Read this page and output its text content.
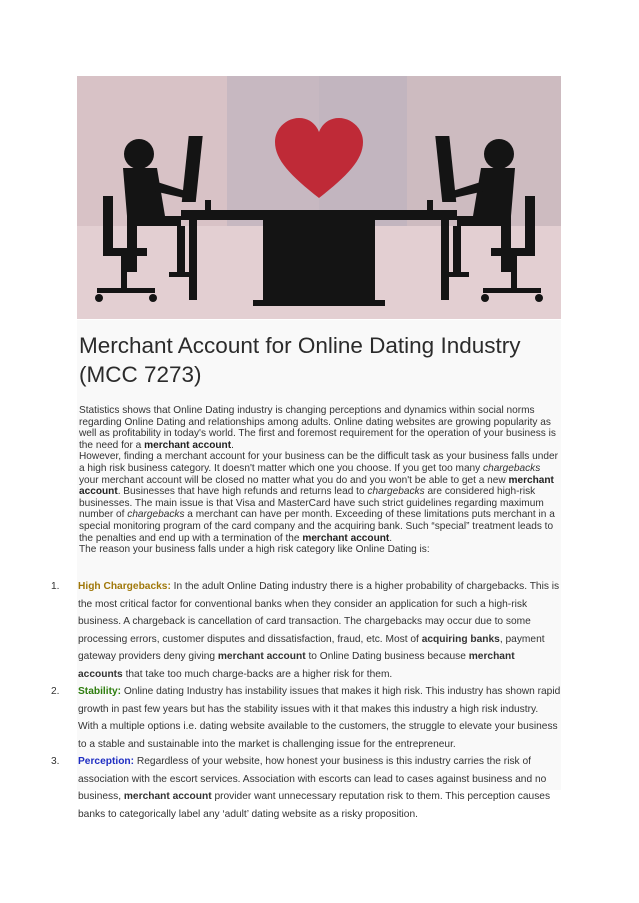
Merchant Account for Online Dating Industry (MCC 7273)

Statistics shows that Online Dating industry is changing perceptions and dynamics within social norms regarding Online Dating and relationships among adults. Online dating websites are growing popularity as well as profitability in today's world. The first and foremost requirement for the operation of your business is the need for a merchant account.

However, finding a merchant account for your business can be the difficult task as your business falls under a high risk business category. It doesn't matter which one you choose. If you get too many chargebacks your merchant account will be closed no matter what you do and you won't be able to get a new merchant account. Businesses that have high refunds and returns lead to chargebacks are considered high-risk businesses. The main issue is that Visa and MasterCard have such strict guidelines regarding maximum number of chargebacks a merchant can have per month. Exceeding of these limitations puts merchant in a special monitoring program of the card company and the acquiring bank. Such “special” treatment leads to the penalties and end up with a termination of the merchant account.

The reason your business falls under a high risk category like Online Dating is:

1. High Chargebacks: In the adult Online Dating industry there is a higher probability of chargebacks. This is the most critical factor for conventional banks when they consider an application for such a high-risk business. A chargeback is cancellation of card transaction. The chargebacks may occur due to some processing errors, customer disputes and dissatisfaction, fraud, etc. Most of acquiring banks, payment gateway providers deny giving merchant account to Online Dating business because merchant accounts that take too much charge-backs are a higher risk for them.
2. Stability: Online dating Industry has instability issues that makes it high risk. This industry has shown rapid growth in past few years but has the stability issues with it that makes this industry a high risk industry. With a multiple options i.e. dating website available to the customers, the struggle to elevate your business to a stable and sustainable into the market is challenging issue for the entrepreneur.
3. Perception: Regardless of your website, how honest your business is this industry carries the risk of association with the escort services. Association with escorts can lead to cases against business and no business, merchant account provider want unnecessary reputation risk to them. This perception causes banks to categorically label any ‘adult’ dating website as a risky proposition.
